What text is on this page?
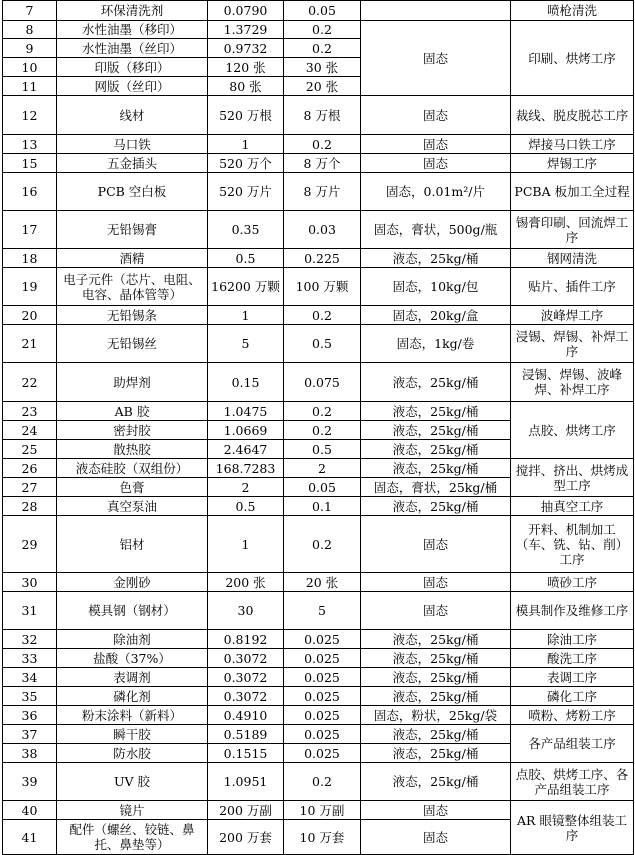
7	环保清洗剂	0.0790	0.05		喷枪清洗
8	水性油墨（移印）	1.3729	0.2	固态	印刷、烘烤工序
9	水性油墨（丝印）	0.9732	0.2		
10	印版（移印）	120 张	30 张		
11	网版（丝印）	80 张	20 张		
12	线材	520 万根	8 万根	固态	裁线、脱皮脱芯工序
13	马口铁	1	0.2	固态	焊接马口铁工序
15	五金插头	520 万个	8 万个	固态	焊锡工序
16	PCB 空白板	520 万片	8 万片	固态，0.01m²/片	PCBA 板加工全过程
17	无铅锡膏	0.35	0.03	固态，膏状，500g/瓶	锡膏印刷、回流焊工序
18	酒精	0.5	0.225	液态，25kg/桶	钢网清洗
19	电子元件（芯片、电阻、电容、晶体管等）	16200 万颗	100 万颗	固态，10kg/包	贴片、插件工序
20	无铅锡条	1	0.2	固态，20kg/盒	波峰焊工序
21	无铅锡丝	5	0.5	固态，1kg/卷	浸锡、焊锡、补焊工序
22	助焊剂	0.15	0.075	液态，25kg/桶	浸锡、焊锡、波峰焊、补焊工序
23	AB 胶	1.0475	0.2	液态，25kg/桶	点胶、烘烤工序
24	密封胶	1.0669	0.2	液态，25kg/桶	
25	散热胶	2.4647	0.5	液态，25kg/桶	
26	液态硅胶（双组份）	168.7283	2	液态，25kg/桶	搅拌、挤出、烘烤成型工序
27	色膏	2	0.05	固态，膏状，25kg/桶	
28	真空泵油	0.5	0.1	液态，25kg/桶	抽真空工序
29	铝材	1	0.2	固态	开料、机制加工（车、铣、钻、削）工序
30	金刚砂	200 张	20 张	固态	喷砂工序
31	模具钢（钢材）	30	5	固态	模具制作及维修工序
32	除油剂	0.8192	0.025	液态，25kg/桶	除油工序
33	盐酸（37%）	0.3072	0.025	液态，25kg/桶	酸洗工序
34	表调剂	0.3072	0.025	液态，25kg/桶	表调工序
35	磷化剂	0.3072	0.025	液态，25kg/桶	磷化工序
36	粉末涂料（新料）	0.4910	0.025	固态，粉状，25kg/袋	喷粉、烤粉工序
37	瞬干胶	0.5189	0.025	液态，25kg/桶	各产品组装工序
38	防水胶	0.1515	0.025	液态，25kg/桶	
39	UV 胶	1.0951	0.2	液态，25kg/桶	点胶、烘烤工序、各产品组装工序
40	镜片	200 万副	10 万副	固态	AR 眼镜整体组装工序
41	配件（螺丝、铰链、鼻托、鼻垫等）	200 万套	10 万套	固态	
